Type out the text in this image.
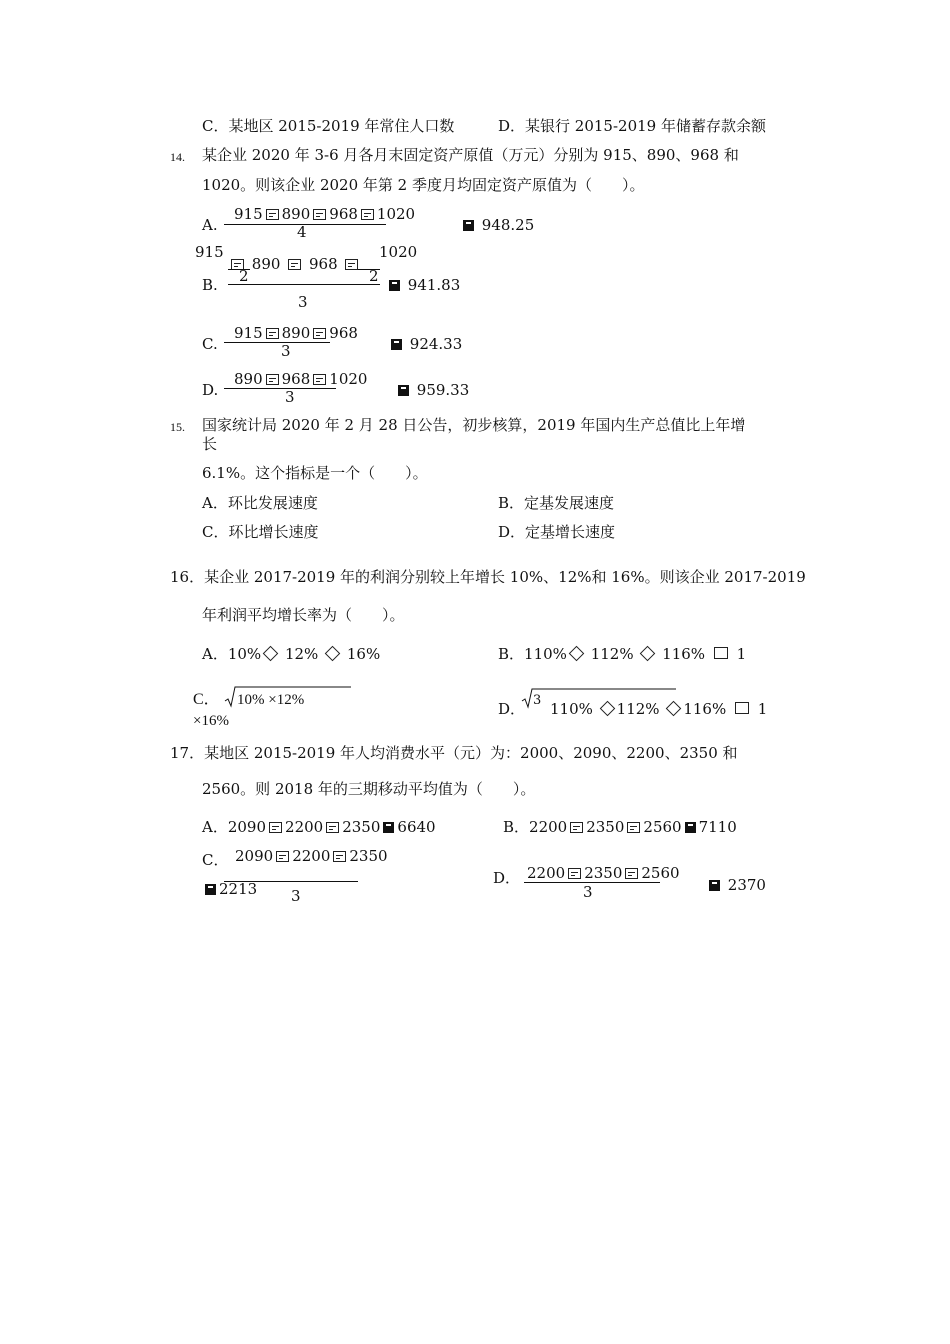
C．某地区 2015-2019 年常住人口数	D．某银行 2015-2019 年储蓄存款余额
14. 某企业 2020 年 3-6 月各月末固定资产原值（万元）分别为 915、890、968 和
1020。则该企业 2020 年第 2 季度月均固定资产原值为（　　）。
A.
915 890 968 1020
4	948.25
915	1020
890 968
2	2
B.
3
941.83
C.
915 890 968
3	924.33
D.
890 968 1020
3	959.33
15. 国家统计局 2020 年 2 月 28 日公告，初步核算，2019 年国内生产总值比上年增
长
6.1%。这个指标是一个（　　）。
A．环比发展速度	B．定基发展速度
C．环比增长速度	D．定基增长速度
16．某企业 2017-2019 年的利润分别较上年增长 10%、12%和 16%。则该企业 2017-2019
年利润平均增长率为（　　）。
A．10% 12% 16%	B．110% 112% 116% 1
C． 10% ×12%
×16%
D． 3 110% 112% 116% 1
17．某地区 2015-2019 年人均消费水平（元）为：2000、2090、2200、2350 和
2560。则 2018 年的三期移动平均值为（　　）。
A．2090 2200 2350 6640	B．2200 2350 2560 7110
C． 2090 2200 2350
2213 3
D． 2200 2350 2560
3	2370
